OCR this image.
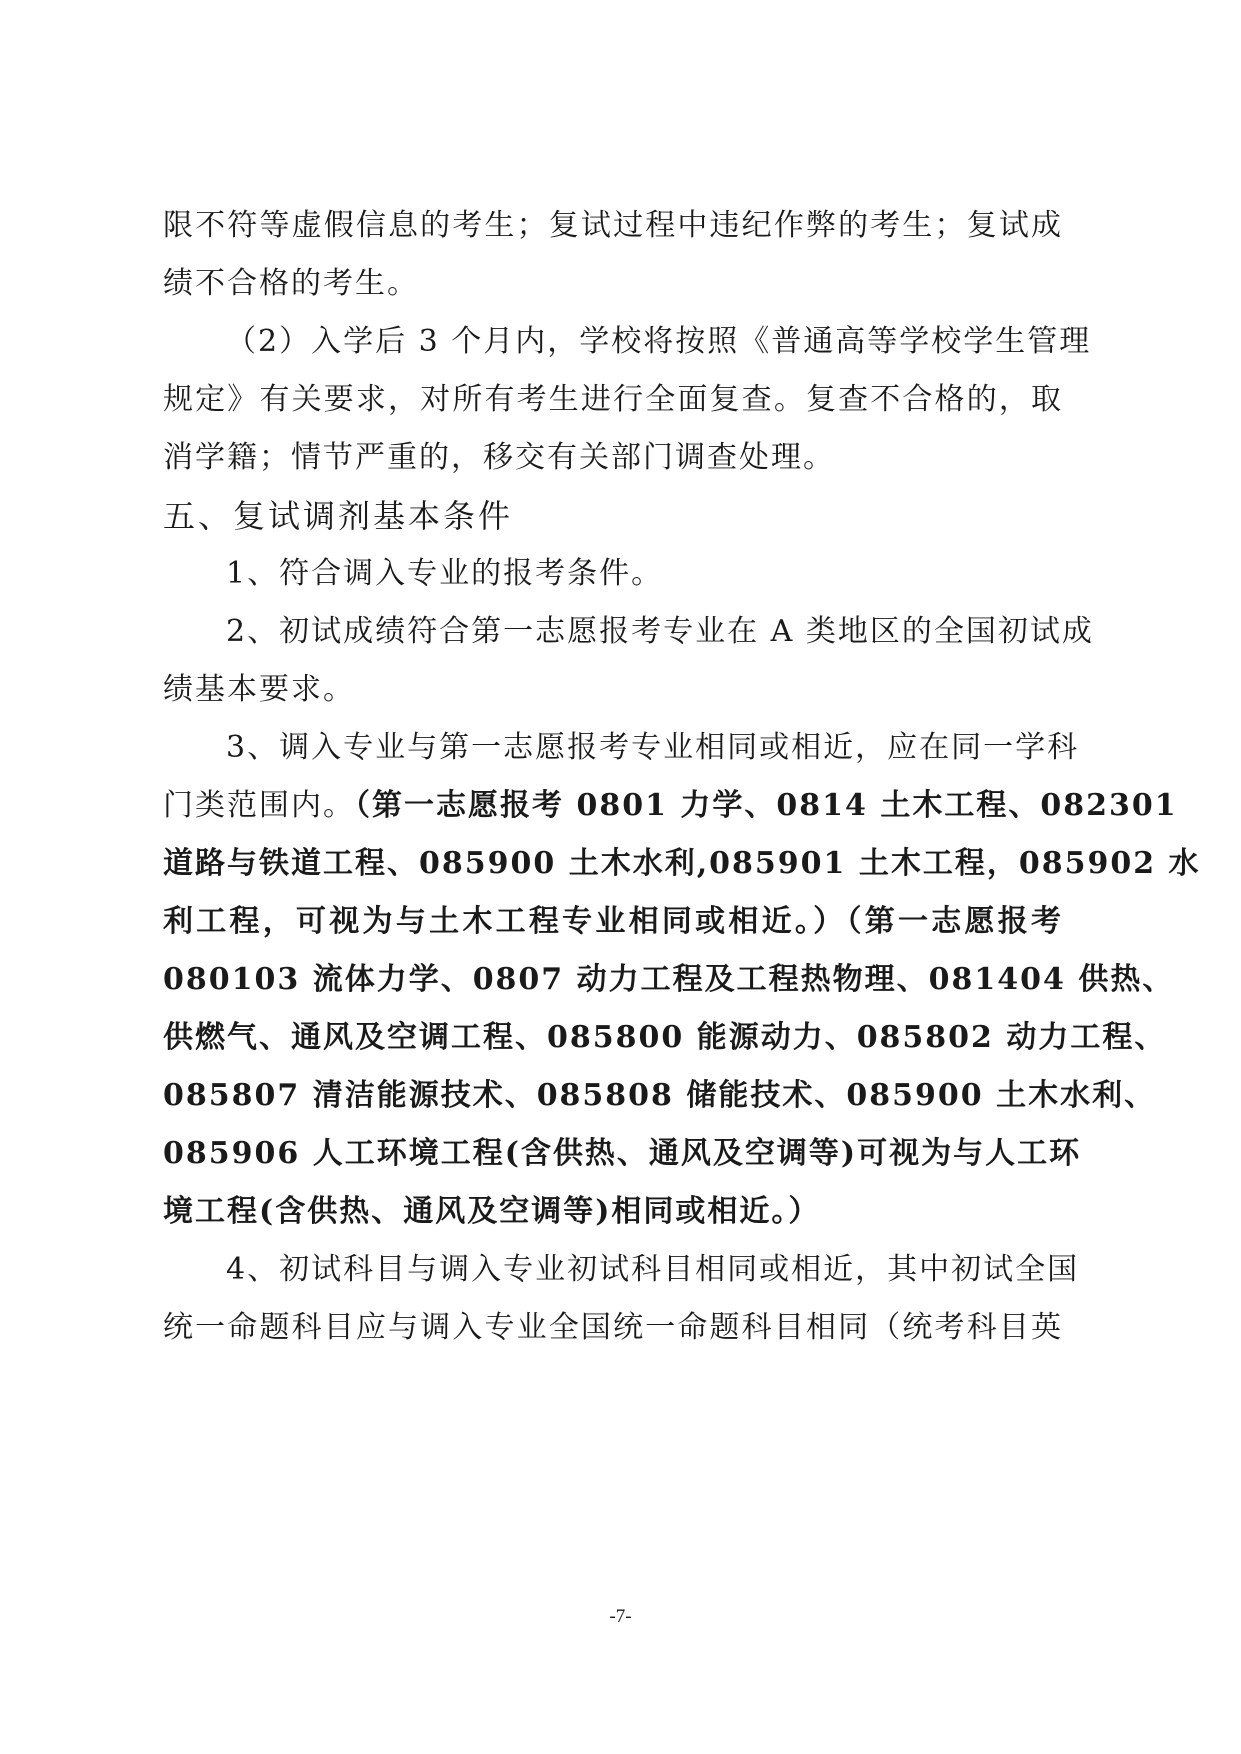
限不符等虚假信息的考生；复试过程中违纪作弊的考生；复试成
绩不合格的考生。
（2）入学后 3 个月内，学校将按照《普通高等学校学生管理
规定》有关要求，对所有考生进行全面复查。复查不合格的，取
消学籍；情节严重的，移交有关部门调查处理。
五、复试调剂基本条件
1、符合调入专业的报考条件。
2、初试成绩符合第一志愿报考专业在 A 类地区的全国初试成
绩基本要求。
3、调入专业与第一志愿报考专业相同或相近，应在同一学科
门类范围内。（第一志愿报考 0801 力学、0814 土木工程、082301
道路与铁道工程、085900 土木水利,085901 土木工程，085902 水
利工程，可视为与土木工程专业相同或相近。）（第一志愿报考
080103 流体力学、0807 动力工程及工程热物理、081404 供热、
供燃气、通风及空调工程、085800 能源动力、085802 动力工程、
085807 清洁能源技术、085808 储能技术、085900 土木水利、
085906 人工环境工程(含供热、通风及空调等)可视为与人工环
境工程(含供热、通风及空调等)相同或相近。）
4、初试科目与调入专业初试科目相同或相近，其中初试全国
统一命题科目应与调入专业全国统一命题科目相同（统考科目英
-7-
